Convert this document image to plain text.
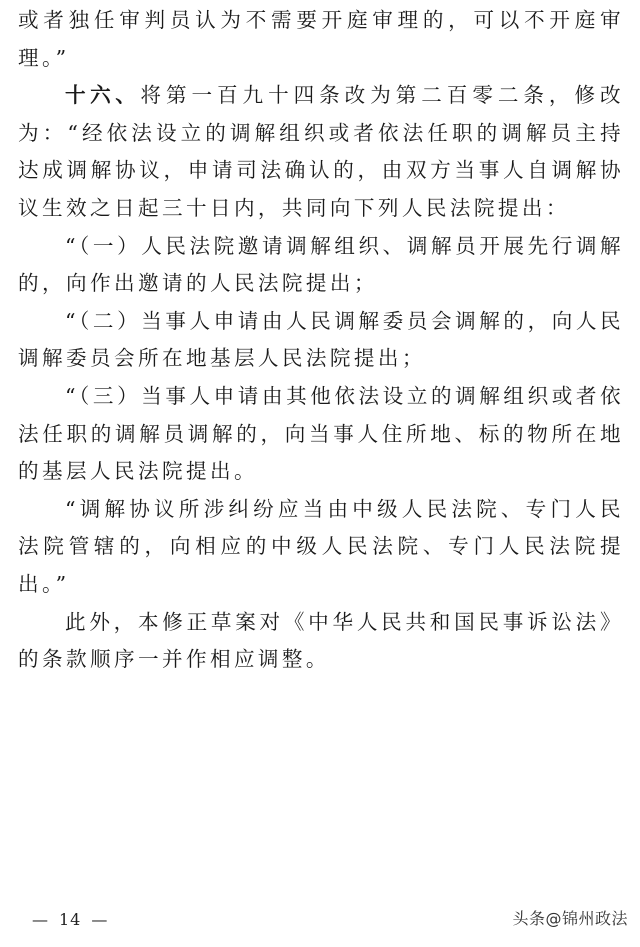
或者独任审判员认为不需要开庭审理的，可以不开庭审理。”

十六、将第一百九十四条改为第二百零二条，修改为：“经依法设立的调解组织或者依法任职的调解员主持达成调解协议，申请司法确认的，由双方当事人自调解协议生效之日起三十日内，共同向下列人民法院提出：

“（一）人民法院邀请调解组织、调解员开展先行调解的，向作出邀请的人民法院提出；

“（二）当事人申请由人民调解委员会调解的，向人民调解委员会所在地基层人民法院提出；

“（三）当事人申请由其他依法设立的调解组织或者依法任职的调解员调解的，向当事人住所地、标的物所在地的基层人民法院提出。

“调解协议所涉纠纷应当由中级人民法院、专门人民法院管辖的，向相应的中级人民法院、专门人民法院提出。”

此外，本修正草案对《中华人民共和国民事诉讼法》的条款顺序一并作相应调整。

— 14 —	头条@锦州政法
